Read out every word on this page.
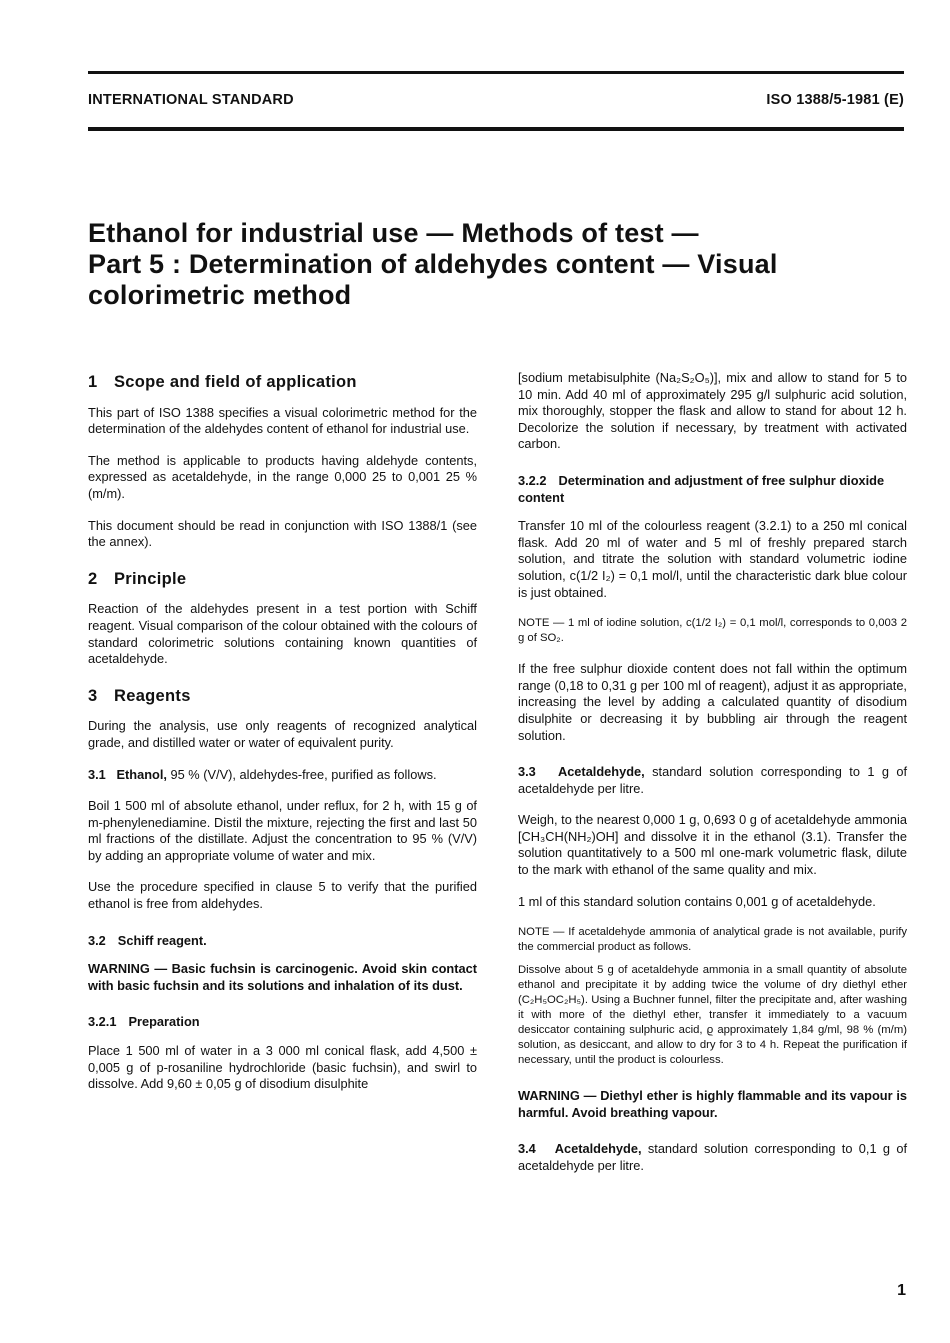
INTERNATIONAL STANDARD	ISO 1388/5-1981 (E)
Ethanol for industrial use — Methods of test —
Part 5 : Determination of aldehydes content — Visual
colorimetric method
1 Scope and field of application

This part of ISO 1388 specifies a visual colorimetric method for the determination of the aldehydes content of ethanol for industrial use.

The method is applicable to products having aldehyde contents, expressed as acetaldehyde, in the range 0,000 25 to 0,001 25 % (m/m).

This document should be read in conjunction with ISO 1388/1 (see the annex).

2 Principle

Reaction of the aldehydes present in a test portion with Schiff reagent. Visual comparison of the colour obtained with the colours of standard colorimetric solutions containing known quantities of acetaldehyde.

3 Reagents

During the analysis, use only reagents of recognized analytical grade, and distilled water or water of equivalent purity.

3.1 Ethanol, 95 % (V/V), aldehydes-free, purified as follows.

Boil 1 500 ml of absolute ethanol, under reflux, for 2 h, with 15 g of m-phenylenediamine. Distil the mixture, rejecting the first and last 50 ml fractions of the distillate. Adjust the concentration to 95 % (V/V) by adding an appropriate volume of water and mix.

Use the procedure specified in clause 5 to verify that the purified ethanol is free from aldehydes.

3.2 Schiff reagent.

WARNING — Basic fuchsin is carcinogenic. Avoid skin contact with basic fuchsin and its solutions and inhalation of its dust.

3.2.1 Preparation

Place 1 500 ml of water in a 3 000 ml conical flask, add 4,500 ± 0,005 g of p-rosaniline hydrochloride (basic fuchsin), and swirl to dissolve. Add 9,60 ± 0,05 g of disodium disulphite

[sodium metabisulphite (Na₂S₂O₅)], mix and allow to stand for 5 to 10 min. Add 40 ml of approximately 295 g/l sulphuric acid solution, mix thoroughly, stopper the flask and allow to stand for about 12 h. Decolorize the solution if necessary, by treatment with activated carbon.

3.2.2 Determination and adjustment of free sulphur dioxide content

Transfer 10 ml of the colourless reagent (3.2.1) to a 250 ml conical flask. Add 20 ml of water and 5 ml of freshly prepared starch solution, and titrate the solution with standard volumetric iodine solution, c(1/2 I₂) = 0,1 mol/l, until the characteristic dark blue colour is just obtained.

NOTE — 1 ml of iodine solution, c(1/2 I₂) = 0,1 mol/l, corresponds to 0,003 2 g of SO₂.

If the free sulphur dioxide content does not fall within the optimum range (0,18 to 0,31 g per 100 ml of reagent), adjust it as appropriate, increasing the level by adding a calculated quantity of disodium disulphite or decreasing it by bubbling air through the reagent solution.

3.3 Acetaldehyde, standard solution corresponding to 1 g of acetaldehyde per litre.

Weigh, to the nearest 0,000 1 g, 0,693 0 g of acetaldehyde ammonia [CH₃CH(NH₂)OH] and dissolve it in the ethanol (3.1). Transfer the solution quantitatively to a 500 ml one-mark volumetric flask, dilute to the mark with ethanol of the same quality and mix.

1 ml of this standard solution contains 0,001 g of acetaldehyde.

NOTE — If acetaldehyde ammonia of analytical grade is not available, purify the commercial product as follows.

Dissolve about 5 g of acetaldehyde ammonia in a small quantity of absolute ethanol and precipitate it by adding twice the volume of dry diethyl ether (C₂H₅OC₂H₅). Using a Buchner funnel, filter the precipitate and, after washing it with more of the diethyl ether, transfer it immediately to a vacuum desiccator containing sulphuric acid, ϱ approximately 1,84 g/ml, 98 % (m/m) solution, as desiccant, and allow to dry for 3 to 4 h. Repeat the purification if necessary, until the product is colourless.

WARNING — Diethyl ether is highly flammable and its vapour is harmful. Avoid breathing vapour.

3.4 Acetaldehyde, standard solution corresponding to 0,1 g of acetaldehyde per litre.

1
